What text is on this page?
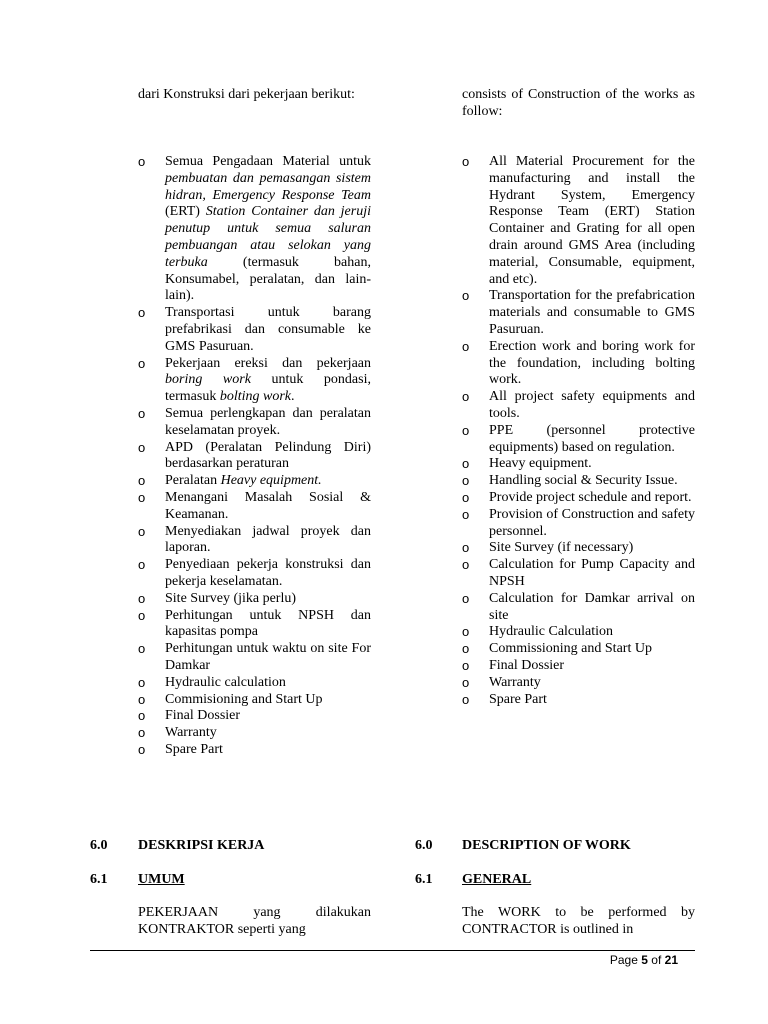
dari Konstruksi dari pekerjaan berikut:	consists of Construction of the works as follow:
o Semua Pengadaan Material untuk pembuatan dan pemasangan sistem hidran, Emergency Response Team (ERT) Station Container dan jeruji penutup untuk semua saluran pembuangan atau selokan yang terbuka (termasuk bahan, Konsumabel, peralatan, dan lain-lain).
o Transportasi untuk barang prefabrikasi dan consumable ke GMS Pasuruan.
o Pekerjaan ereksi dan pekerjaan boring work untuk pondasi, termasuk bolting work.
o Semua perlengkapan dan peralatan keselamatan proyek.
o APD (Peralatan Pelindung Diri) berdasarkan peraturan
o Peralatan Heavy equipment.
o Menangani Masalah Sosial & Keamanan.
o Menyediakan jadwal proyek dan laporan.
o Penyediaan pekerja konstruksi dan pekerja keselamatan.
o Site Survey (jika perlu)
o Perhitungan untuk NPSH dan kapasitas pompa
o Perhitungan untuk waktu on site For Damkar
o Hydraulic calculation
o Commisioning and Start Up
o Final Dossier
o Warranty
o Spare Part
o All Material Procurement for the manufacturing and install the Hydrant System, Emergency Response Team (ERT) Station Container and Grating for all open drain around GMS Area (including material, Consumable, equipment, and etc).
o Transportation for the prefabrication materials and consumable to GMS Pasuruan.
o Erection work and boring work for the foundation, including bolting work.
o All project safety equipments and tools.
o PPE (personnel protective equipments) based on regulation.
o Heavy equipment.
o Handling social & Security Issue.
o Provide project schedule and report.
o Provision of Construction and safety personnel.
o Site Survey (if necessary)
o Calculation for Pump Capacity and NPSH
o Calculation for Damkar arrival on site
o Hydraulic Calculation
o Commissioning and Start Up
o Final Dossier
o Warranty
o Spare Part
6.0 DESKRIPSI KERJA	6.0 DESCRIPTION OF WORK
6.1 UMUM	6.1 GENERAL
PEKERJAAN yang dilakukan KONTRAKTOR seperti yang
The WORK to be performed by CONTRACTOR is outlined in
Page 5 of 21
